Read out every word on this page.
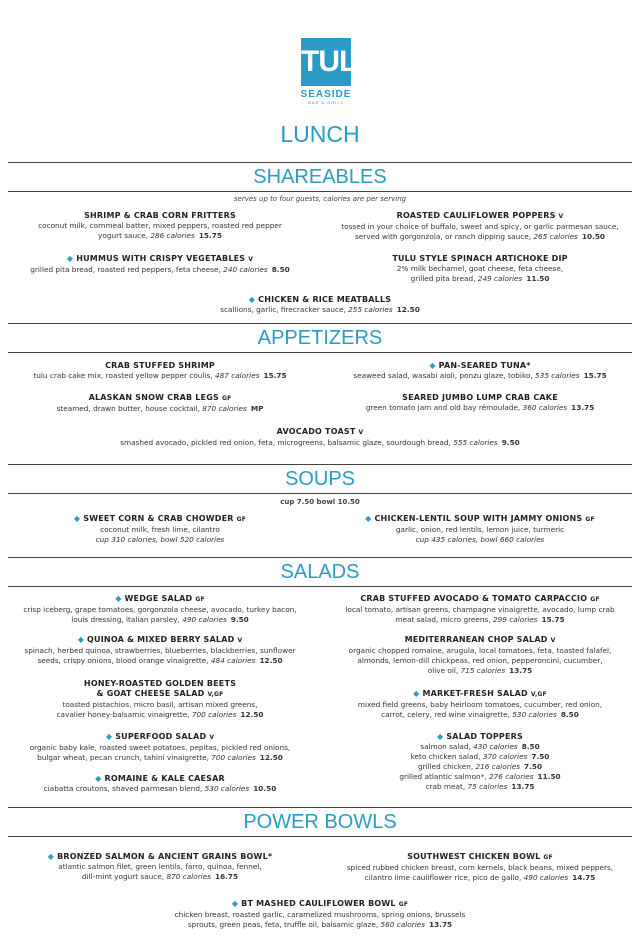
TULU
SEASIDE
BAR & GRILL
LUNCH
SHAREABLES
serves up to four guests, calories are per serving
SHRIMP & CRAB CORN FRITTERS
coconut milk, cornmeal batter, mixed peppers, roasted red pepper
yogurt sauce, 286 calories 15.75
ROASTED CAULIFLOWER POPPERS V
tossed in your choice of buffalo, sweet and spicy, or garlic parmesan sauce,
served with gorgonzola, or ranch dipping sauce, 265 calories 10.50
◆ HUMMUS WITH CRISPY VEGETABLES V
grilled pita bread, roasted red peppers, feta cheese, 240 calories 8.50
TULU STYLE SPINACH ARTICHOKE DIP
2% milk bechamel, goat cheese, feta cheese,
grilled pita bread, 249 calories 11.50
◆ CHICKEN & RICE MEATBALLS
scallions, garlic, firecracker sauce, 255 calories 12.50
APPETIZERS
CRAB STUFFED SHRIMP
tulu crab cake mix, roasted yellow pepper coulis, 487 calories 15.75
◆ PAN-SEARED TUNA*
seaweed salad, wasabi aioli, ponzu glaze, tobiko, 535 calories 15.75
ALASKAN SNOW CRAB LEGS GF
steamed, drawn butter, house cocktail, 870 calories MP
SEARED JUMBO LUMP CRAB CAKE
green tomato jam and old bay rémoulade, 360 calories 13.75
AVOCADO TOAST V
smashed avocado, pickled red onion, feta, microgreens, balsamic glaze, sourdough bread, 555 calories 9.50
SOUPS
cup 7.50 bowl 10.50
◆ SWEET CORN & CRAB CHOWDER GF
coconut milk, fresh lime, cilantro
cup 310 calories, bowl 520 calories
◆ CHICKEN-LENTIL SOUP WITH JAMMY ONIONS GF
garlic, onion, red lentils, lemon juice, turmeric
cup 435 calories, bowl 660 calories
SALADS
◆ WEDGE SALAD GF
crisp iceberg, grape tomatoes, gorgonzola cheese, avocado, turkey bacon,
louis dressing, italian parsley, 490 calories 9.50
CRAB STUFFED AVOCADO & TOMATO CARPACCIO GF
local tomato, artisan greens, champagne vinaigrette, avocado, lump crab
meat salad, micro greens, 299 calories 15.75
◆ QUINOA & MIXED BERRY SALAD V
spinach, herbed quinoa, strawberries, blueberries, blackberries, sunflower
seeds, crispy onions, blood orange vinaigrette, 484 calories 12.50
MEDITERRANEAN CHOP SALAD V
organic chopped romaine, arugula, local tomatoes, feta, toasted falafel,
almonds, lemon-dill chickpeas, red onion, pepperoncini, cucumber,
olive oil, 715 calories 13.75
HONEY-ROASTED GOLDEN BEETS
& GOAT CHEESE SALAD V,GF
toasted pistachios, micro basil, artisan mixed greens,
cavalier honey-balsamic vinaigrette, 700 calories 12.50
◆ MARKET-FRESH SALAD V,GF
mixed field greens, baby heirloom tomatoes, cucumber, red onion,
carrot, celery, red wine vinaigrette, 530 calories 8.50
◆ SUPERFOOD SALAD V
organic baby kale, roasted sweet potatoes, pepitas, pickled red onions,
bulgar wheat, pecan crunch, tahini vinaigrette, 700 calories 12.50
◆ SALAD TOPPERS
salmon salad, 430 calories 8.50
keto chicken salad, 370 calories 7.50
grilled chicken, 216 calories 7.50
grilled atlantic salmon*, 276 calories 11.50
crab meat, 75 calories 13.75
◆ ROMAINE & KALE CAESAR
ciabatta croutons, shaved parmesan blend, 530 calories 10.50
POWER BOWLS
◆ BRONZED SALMON & ANCIENT GRAINS BOWL*
atlantic salmon filet, green lentils, farro, quinoa, fennel,
dill-mint yogurt sauce, 870 calories 16.75
SOUTHWEST CHICKEN BOWL GF
spiced rubbed chicken breast, corn kernels, black beans, mixed peppers,
cilantro lime cauliflower rice, pico de gallo, 490 calories 14.75
◆ BT MASHED CAULIFLOWER BOWL GF
chicken breast, roasted garlic, caramelized mushrooms, spring onions, brussels
sprouts, green peas, feta, truffle oil, balsamic glaze, 560 calories 13.75
